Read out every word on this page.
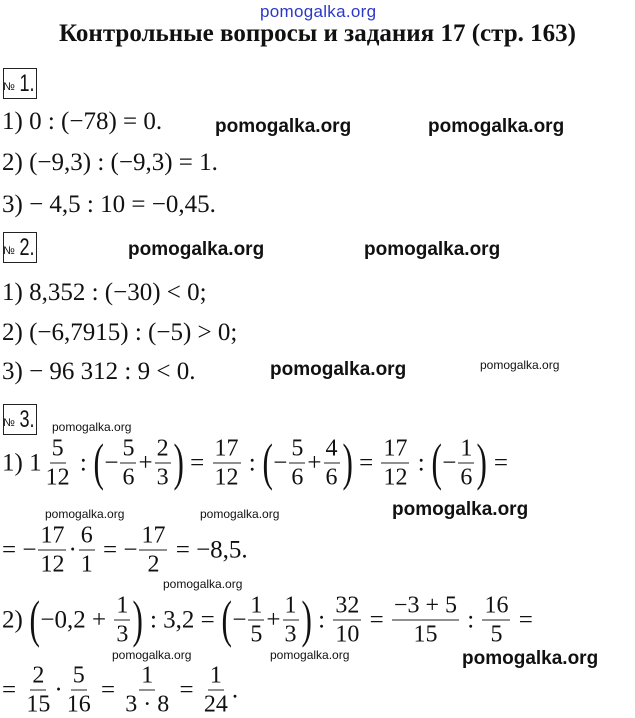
pomogalka.org
Контрольные вопросы и задания 17 (стр. 163)
№ 1.
1) 0 : (−78) = 0.
2) (−9,3) : (−9,3) = 1.
3) − 4,5 : 10 = −0,45.
№ 2.
1) 8,352 : (−30) < 0;
2) (−6,7915) : (−5) > 0;
3) − 96 312 : 9 < 0.
№ 3.
1) $1 \frac{5}{12}$ : ( − $\frac{5}{6} + \frac{2}{3}$ ) = $\frac{17}{12}$ : ( − $\frac{5}{6} + \frac{4}{6}$ ) = $\frac{17}{12}$ : ( − $\frac{1}{6}$ ) =
= − $\frac{17}{12} \cdot \frac{6}{1}$ = − $\frac{17}{2} = -8,5$.
2) ( $-0,2 + \frac{1}{3}$ ) : 3,2 = ( − $\frac{1}{5} + \frac{1}{3}$ ) : $\frac{32}{10} = \frac{-3 + 5}{15}$ : $\frac{16}{5}$ =
= $\frac{2}{15} \cdot \frac{5}{16} = \frac{1}{3 \cdot 8} = \frac{1}{24}$ .
pomogalka.org	pomogalka.org
pomogalka.org	pomogalka.org
pomogalka.org	pomogalka.org
pomogalka.org
pomogalka.org	pomogalka.org	pomogalka.org
pomogalka.org
pomogalka.org
pomogalka.org	pomogalka.org
